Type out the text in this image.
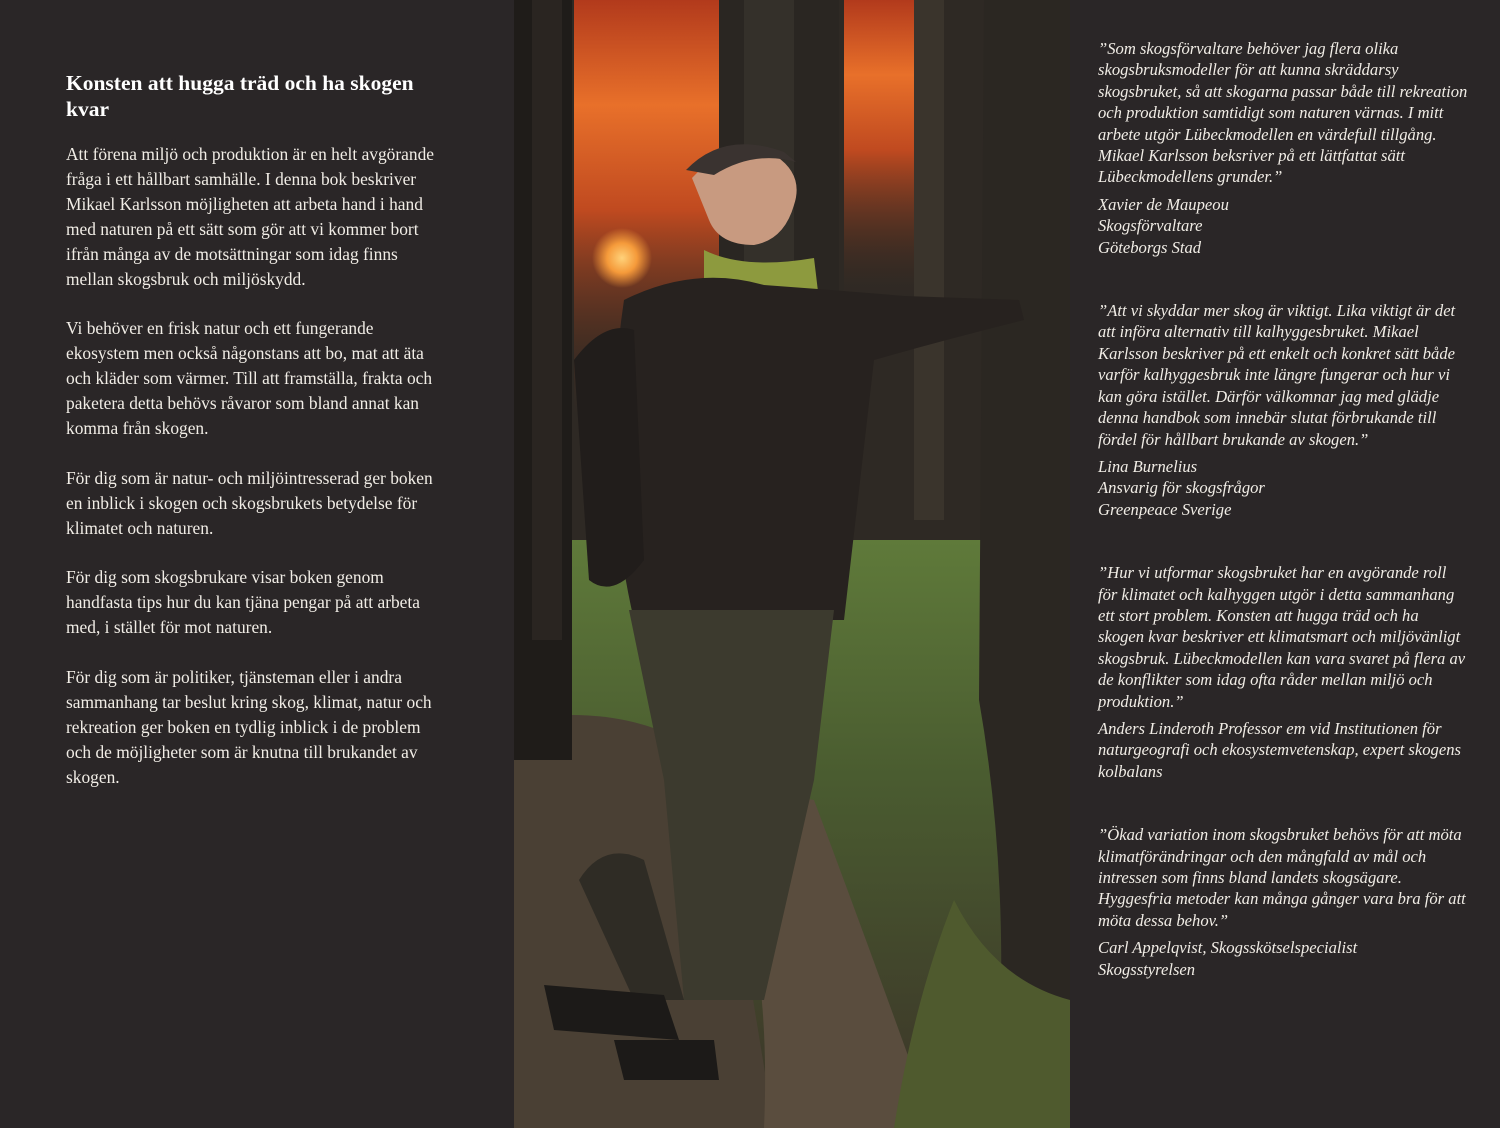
Konsten att hugga träd och ha skogen kvar

Att förena miljö och produktion är en helt avgörande fråga i ett hållbart samhälle. I denna bok beskriver Mikael Karlsson möjligheten att arbeta hand i hand med naturen på ett sätt som gör att vi kommer bort ifrån många av de motsättningar som idag finns mellan skogsbruk och miljöskydd.

Vi behöver en frisk natur och ett fungerande ekosystem men också någonstans att bo, mat att äta och kläder som värmer. Till att framställa, frakta och paketera detta behövs råvaror som bland annat kan komma från skogen.

För dig som är natur- och miljöintresserad ger boken en inblick i skogen och skogsbrukets betydelse för klimatet och naturen.

För dig som skogsbrukare visar boken genom handfasta tips hur du kan tjäna pengar på att arbeta med, i stället för mot naturen.

För dig som är politiker, tjänsteman eller i andra sammanhang tar beslut kring skog, klimat, natur och rekreation ger boken en tydlig inblick i de problem och de möjligheter som är knutna till brukandet av skogen.

”Som skogsförvaltare behöver jag flera olika skogsbruksmodeller för att kunna skräddarsy skogsbruket, så att skogarna passar både till rekreation och produktion samtidigt som naturen värnas. I mitt arbete utgör Lübeckmodellen en värdefull tillgång. Mikael Karlsson beksriver på ett lättfattat sätt Lübeckmodellens grunder.”

Xavier de Maupeou

Skogsförvaltare

Göteborgs Stad

”Att vi skyddar mer skog är viktigt. Lika viktigt är det att införa alternativ till kalhyggesbruket. Mikael Karlsson beskriver på ett enkelt och konkret sätt både varför kalhyggesbruk inte längre fungerar och hur vi kan göra istället. Därför välkomnar jag med glädje denna handbok som innebär slutat förbrukande till fördel för hållbart brukande av skogen.”

Lina Burnelius

Ansvarig för skogsfrågor

Greenpeace Sverige

”Hur vi utformar skogsbruket har en avgörande roll för klimatet och kalhyggen utgör i detta sammanhang ett stort problem. Konsten att hugga träd och ha skogen kvar beskriver ett klimatsmart och miljövänligt skogsbruk. Lübeckmodellen kan vara svaret på flera av de konflikter som idag ofta råder mellan miljö och produktion.”

Anders Linderoth Professor em vid Institutionen för naturgeografi och ekosystemvetenskap, expert skogens kolbalans

”Ökad variation inom skogsbruket behövs för att möta klimatförändringar och den mångfald av mål och intressen som finns bland landets skogsägare. Hyggesfria metoder kan många gånger vara bra för att möta dessa behov.”

Carl Appelqvist, Skogsskötselspecialist

Skogsstyrelsen
